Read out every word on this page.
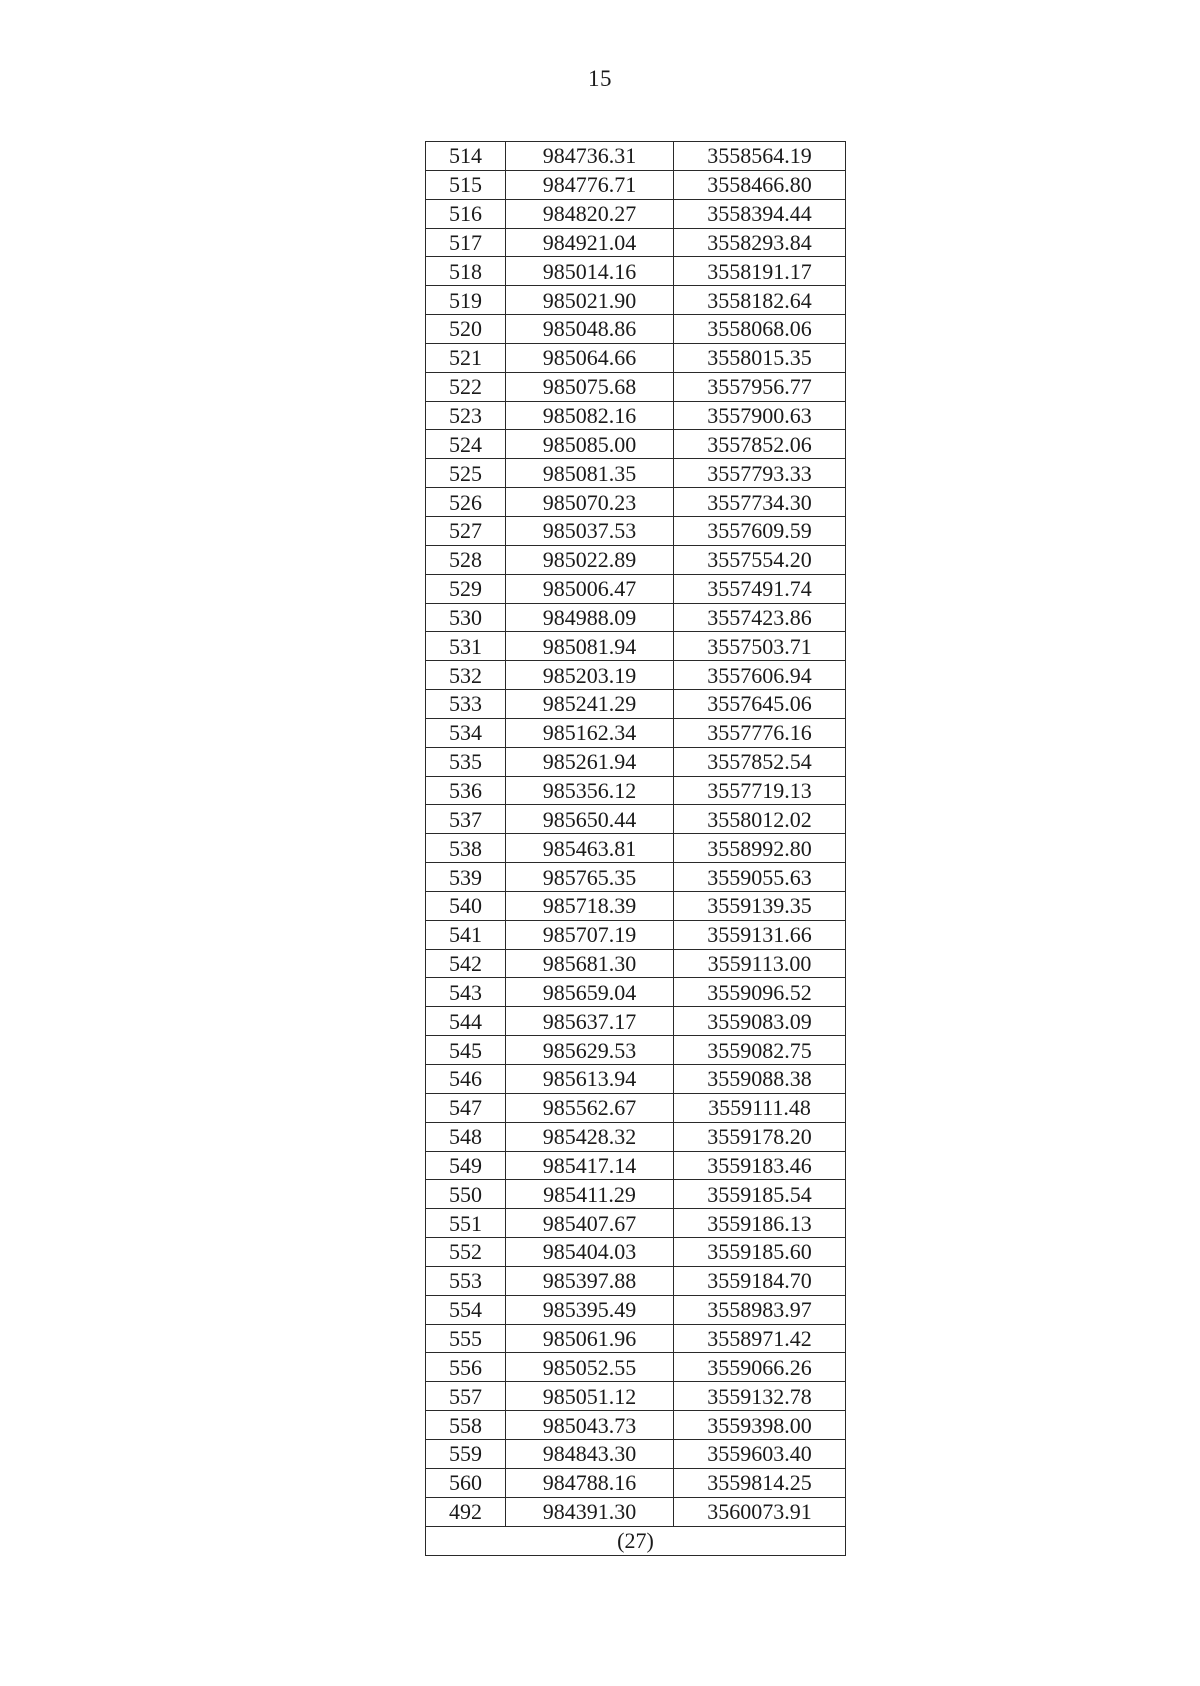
15
514	984736.31	3558564.19
515	984776.71	3558466.80
516	984820.27	3558394.44
517	984921.04	3558293.84
518	985014.16	3558191.17
519	985021.90	3558182.64
520	985048.86	3558068.06
521	985064.66	3558015.35
522	985075.68	3557956.77
523	985082.16	3557900.63
524	985085.00	3557852.06
525	985081.35	3557793.33
526	985070.23	3557734.30
527	985037.53	3557609.59
528	985022.89	3557554.20
529	985006.47	3557491.74
530	984988.09	3557423.86
531	985081.94	3557503.71
532	985203.19	3557606.94
533	985241.29	3557645.06
534	985162.34	3557776.16
535	985261.94	3557852.54
536	985356.12	3557719.13
537	985650.44	3558012.02
538	985463.81	3558992.80
539	985765.35	3559055.63
540	985718.39	3559139.35
541	985707.19	3559131.66
542	985681.30	3559113.00
543	985659.04	3559096.52
544	985637.17	3559083.09
545	985629.53	3559082.75
546	985613.94	3559088.38
547	985562.67	3559111.48
548	985428.32	3559178.20
549	985417.14	3559183.46
550	985411.29	3559185.54
551	985407.67	3559186.13
552	985404.03	3559185.60
553	985397.88	3559184.70
554	985395.49	3558983.97
555	985061.96	3558971.42
556	985052.55	3559066.26
557	985051.12	3559132.78
558	985043.73	3559398.00
559	984843.30	3559603.40
560	984788.16	3559814.25
492	984391.30	3560073.91
(27)		
